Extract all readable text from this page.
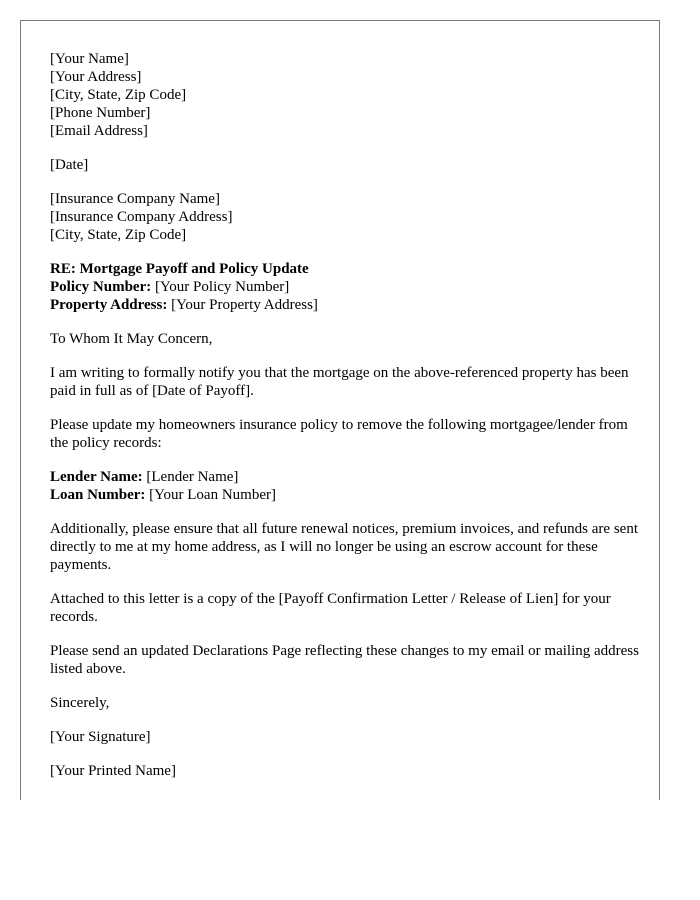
[Your Name]
[Your Address]
[City, State, Zip Code]
[Phone Number]
[Email Address]
[Date]
[Insurance Company Name]
[Insurance Company Address]
[City, State, Zip Code]
RE: Mortgage Payoff and Policy Update
Policy Number: [Your Policy Number]
Property Address: [Your Property Address]

To Whom It May Concern,

I am writing to formally notify you that the mortgage on the above-referenced property has been paid in full as of [Date of Payoff].

Please update my homeowners insurance policy to remove the following mortgagee/lender from the policy records:

Lender Name: [Lender Name]
Loan Number: [Your Loan Number]

Additionally, please ensure that all future renewal notices, premium invoices, and refunds are sent directly to me at my home address, as I will no longer be using an escrow account for these payments.

Attached to this letter is a copy of the [Payoff Confirmation Letter / Release of Lien] for your records.

Please send an updated Declarations Page reflecting these changes to my email or mailing address listed above.

Sincerely,

[Your Signature]

[Your Printed Name]
